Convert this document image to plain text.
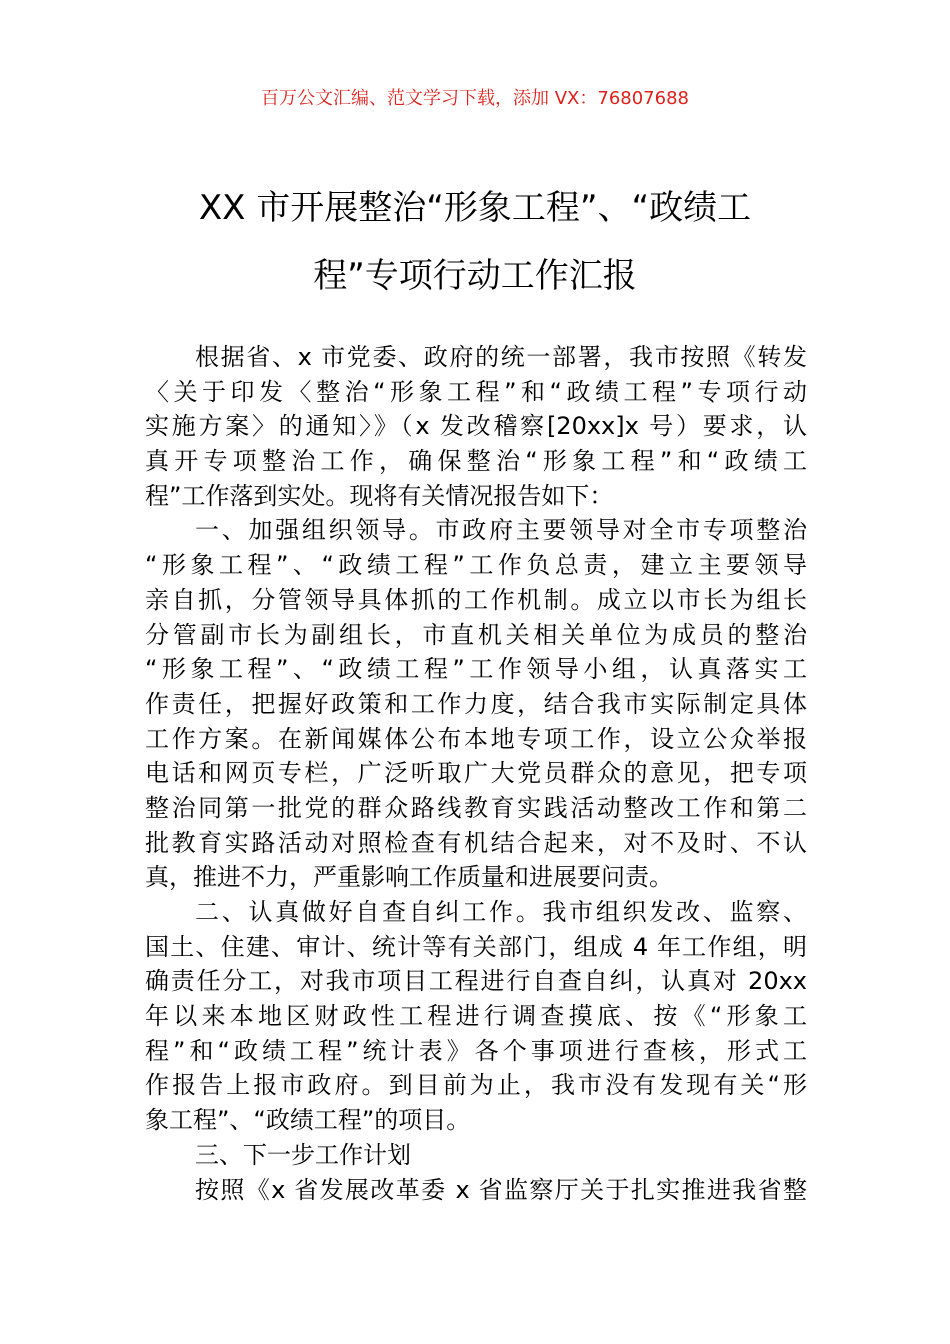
百万公文汇编、范文学习下载，添加 VX：76807688
XX 市开展整治“形象工程”、“政绩工
程”专项行动工作汇报
根据省、x 市党委、政府的统一部署，我市按照《转发
〈关于印发〈整治“形象工程”和“政绩工程”专项行动
实施方案〉的通知〉》（x 发改稽察[20xx]x 号）要求，认
真开专项整治工作，确保整治“形象工程”和“政绩工
程”工作落到实处。现将有关情况报告如下：
一、加强组织领导。市政府主要领导对全市专项整治
“形象工程”、“政绩工程”工作负总责，建立主要领导
亲自抓，分管领导具体抓的工作机制。成立以市长为组长
分管副市长为副组长，市直机关相关单位为成员的整治
“形象工程”、“政绩工程”工作领导小组，认真落实工
作责任，把握好政策和工作力度，结合我市实际制定具体
工作方案。在新闻媒体公布本地专项工作，设立公众举报
电话和网页专栏，广泛听取广大党员群众的意见，把专项
整治同第一批党的群众路线教育实践活动整改工作和第二
批教育实路活动对照检查有机结合起来，对不及时、不认
真，推进不力，严重影响工作质量和进展要问责。
二、认真做好自查自纠工作。我市组织发改、监察、
国土、住建、审计、统计等有关部门，组成 4 年工作组，明
确责任分工，对我市项目工程进行自查自纠，认真对 20xx
年以来本地区财政性工程进行调查摸底、按《“形象工
程”和“政绩工程”统计表》各个事项进行查核，形式工
作报告上报市政府。到目前为止，我市没有发现有关“形
象工程”、“政绩工程”的项目。
三、下一步工作计划
按照《x 省发展改革委 x 省监察厅关于扎实推进我省整
